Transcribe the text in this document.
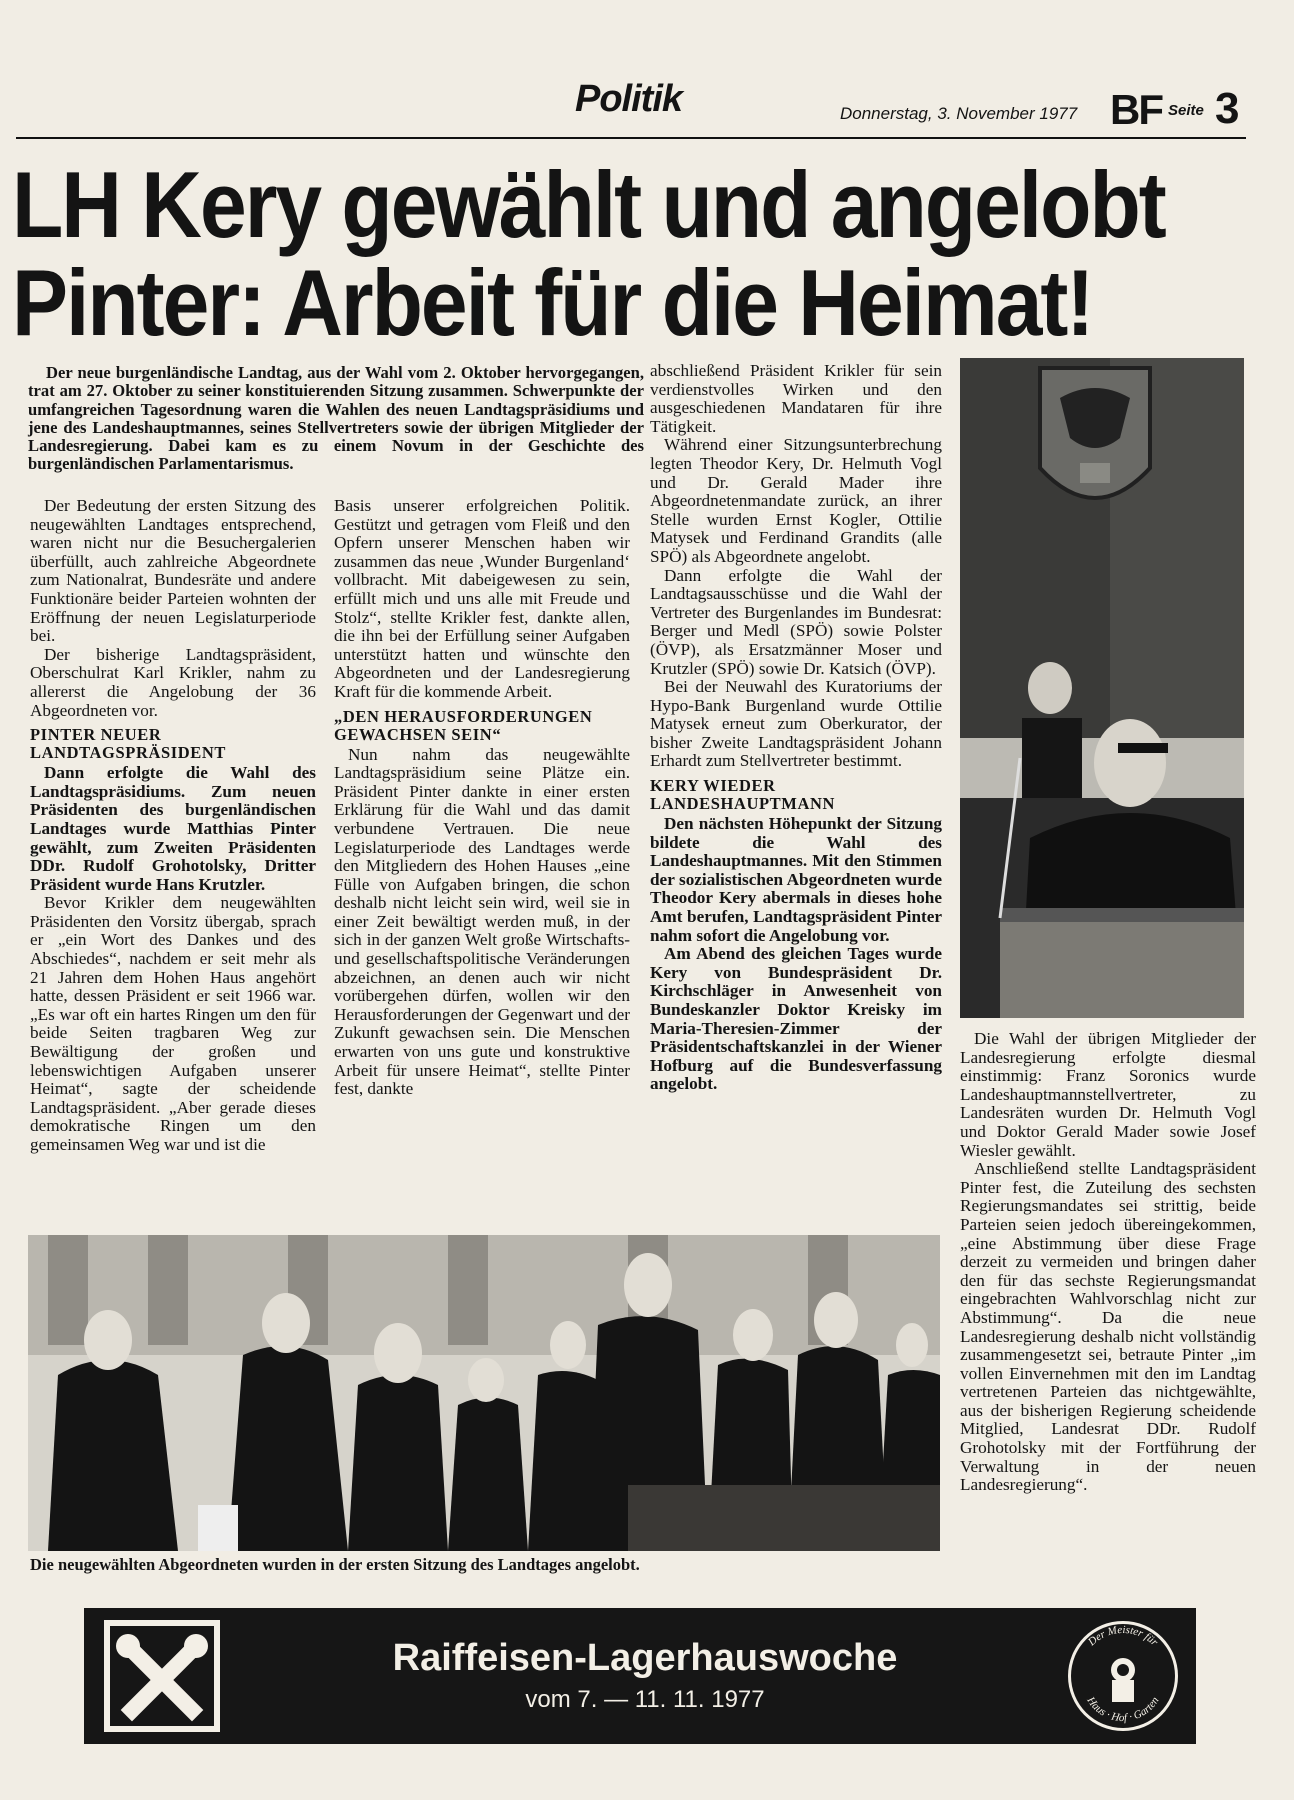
Politik	Donnerstag, 3. November 1977 BF Seite 3
LH Kery gewählt und angelobt
Pinter: Arbeit für die Heimat!

Der neue burgenländische Landtag, aus der Wahl vom 2. Oktober hervorgegangen, trat am 27. Oktober zu seiner konstituierenden Sitzung zusammen. Schwerpunkte der umfangreichen Tagesordnung waren die Wahlen des neuen Landtagspräsidiums und jene des Landeshauptmannes, seines Stellvertreters sowie der übrigen Mitglieder der Landesregierung. Dabei kam es zu einem Novum in der Geschichte des burgenländischen Parlamentarismus.

Der Bedeutung der ersten Sitzung des neugewählten Landtages entsprechend, waren nicht nur die Besuchergalerien überfüllt, auch zahlreiche Abgeordnete zum Nationalrat, Bundesräte und andere Funktionäre beider Parteien wohnten der Eröffnung der neuen Legislaturperiode bei.

Der bisherige Landtagspräsident, Oberschulrat Karl Krikler, nahm zu allererst die Angelobung der 36 Abgeordneten vor.

PINTER NEUER LANDTAGSPRÄSIDENT

Dann erfolgte die Wahl des Landtagspräsidiums. Zum neuen Präsidenten des burgenländischen Landtages wurde Matthias Pinter gewählt, zum Zweiten Präsidenten DDr. Rudolf Grohotolsky, Dritter Präsident wurde Hans Krutzler.

Bevor Krikler dem neugewählten Präsidenten den Vorsitz übergab, sprach er „ein Wort des Dankes und des Abschiedes“, nachdem er seit mehr als 21 Jahren dem Hohen Haus angehört hatte, dessen Präsident er seit 1966 war. „Es war oft ein hartes Ringen um den für beide Seiten tragbaren Weg zur Bewältigung der großen und lebenswichtigen Aufgaben unserer Heimat“, sagte der scheidende Landtagspräsident. „Aber gerade dieses demokratische Ringen um den gemeinsamen Weg war und ist die

Basis unserer erfolgreichen Politik. Gestützt und getragen vom Fleiß und den Opfern unserer Menschen haben wir zusammen das neue ‚Wunder Burgenland‘ vollbracht. Mit dabeigewesen zu sein, erfüllt mich und uns alle mit Freude und Stolz“, stellte Krikler fest, dankte allen, die ihn bei der Erfüllung seiner Aufgaben unterstützt hatten und wünschte den Abgeordneten und der Landesregierung Kraft für die kommende Arbeit.

„DEN HERAUSFORDERUNGEN GEWACHSEN SEIN“

Nun nahm das neugewählte Landtagspräsidium seine Plätze ein. Präsident Pinter dankte in einer ersten Erklärung für die Wahl und das damit verbundene Vertrauen. Die neue Legislaturperiode des Landtages werde den Mitgliedern des Hohen Hauses „eine Fülle von Aufgaben bringen, die schon deshalb nicht leicht sein wird, weil sie in einer Zeit bewältigt werden muß, in der sich in der ganzen Welt große Wirtschafts- und gesellschaftspolitische Veränderungen abzeichnen, an denen auch wir nicht vorübergehen dürfen, wollen wir den Herausforderungen der Gegenwart und der Zukunft gewachsen sein. Die Menschen erwarten von uns gute und konstruktive Arbeit für unsere Heimat“, stellte Pinter fest, dankte

abschließend Präsident Krikler für sein verdienstvolles Wirken und den ausgeschiedenen Mandataren für ihre Tätigkeit.

Während einer Sitzungsunterbrechung legten Theodor Kery, Dr. Helmuth Vogl und Dr. Gerald Mader ihre Abgeordnetenmandate zurück, an ihrer Stelle wurden Ernst Kogler, Ottilie Matysek und Ferdinand Grandits (alle SPÖ) als Abgeordnete angelobt.

Dann erfolgte die Wahl der Landtagsausschüsse und die Wahl der Vertreter des Burgenlandes im Bundesrat: Berger und Medl (SPÖ) sowie Polster (ÖVP), als Ersatzmänner Moser und Krutzler (SPÖ) sowie Dr. Katsich (ÖVP).

Bei der Neuwahl des Kuratoriums der Hypo-Bank Burgenland wurde Ottilie Matysek erneut zum Oberkurator, der bisher Zweite Landtagspräsident Johann Erhardt zum Stellvertreter bestimmt.

KERY WIEDER LANDESHAUPTMANN

Den nächsten Höhepunkt der Sitzung bildete die Wahl des Landeshauptmannes. Mit den Stimmen der sozialistischen Abgeordneten wurde Theodor Kery abermals in dieses hohe Amt berufen, Landtagspräsident Pinter nahm sofort die Angelobung vor.

Am Abend des gleichen Tages wurde Kery von Bundespräsident Dr. Kirchschläger in Anwesenheit von Bundeskanzler Doktor Kreisky im Maria-Theresien-Zimmer der Präsidentschaftskanzlei in der Wiener Hofburg auf die Bundesverfassung angelobt.

Die Wahl der übrigen Mitglieder der Landesregierung erfolgte diesmal einstimmig: Franz Soronics wurde Landeshauptmannstellvertreter, zu Landesräten wurden Dr. Helmuth Vogl und Doktor Gerald Mader sowie Josef Wiesler gewählt.

Anschließend stellte Landtagspräsident Pinter fest, die Zuteilung des sechsten Regierungsmandates sei strittig, beide Parteien seien jedoch übereingekommen, „eine Abstimmung über diese Frage derzeit zu vermeiden und bringen daher den für das sechste Regierungsmandat eingebrachten Wahlvorschlag nicht zur Abstimmung“. Da die neue Landesregierung deshalb nicht vollständig zusammengesetzt sei, betraute Pinter „im vollen Einvernehmen mit den im Landtag vertretenen Parteien das nichtgewählte, aus der bisherigen Regierung scheidende Mitglied, Landesrat DDr. Rudolf Grohotolsky mit der Fortführung der Verwaltung in der neuen Landesregierung“.

Die neugewählten Abgeordneten wurden in der ersten Sitzung des Landtages angelobt.
Raiffeisen-Lagerhauswoche
vom 7. — 11. 11. 1977
Der Meister für
Haus · Hof · Garten
